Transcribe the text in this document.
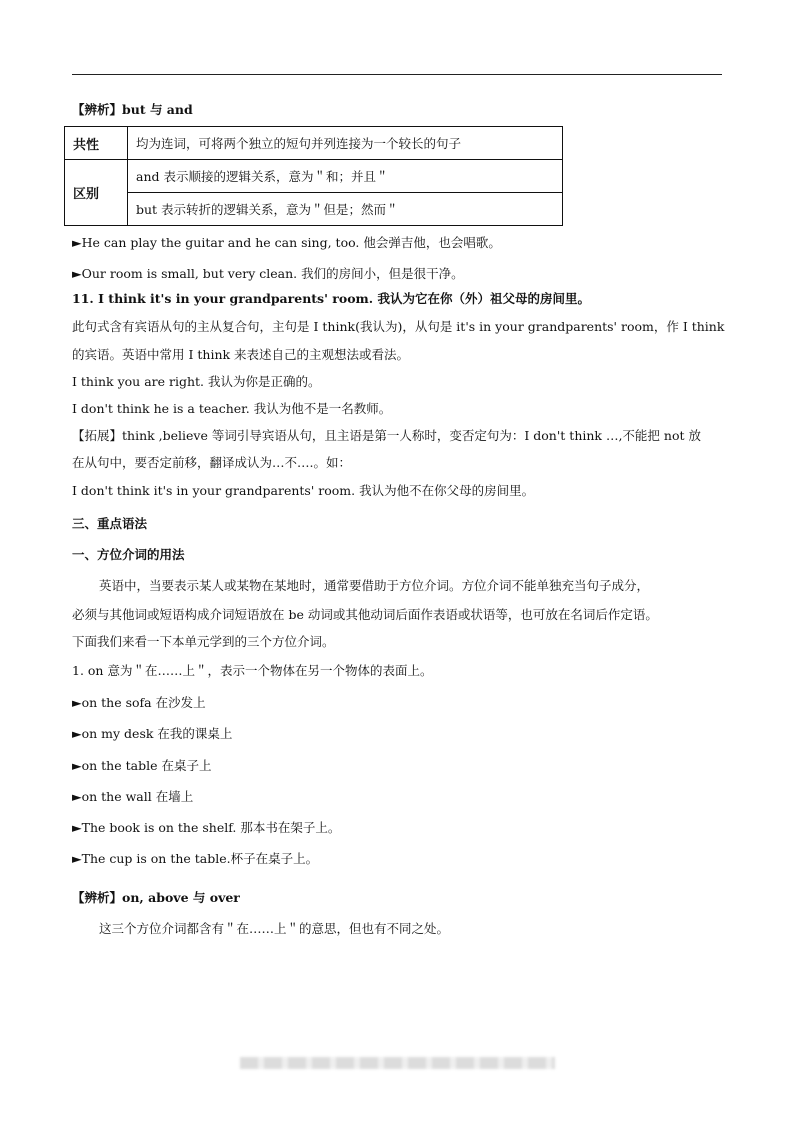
【辨析】but 与 and
共性	均为连词，可将两个独立的短句并列连接为一个较长的句子
区别	and 表示顺接的逻辑关系，意为＂和；并且＂
	but 表示转折的逻辑关系，意为＂但是；然而＂
►He can play the guitar and he can sing, too. 他会弹吉他，也会唱歌。
►Our room is small, but very clean. 我们的房间小，但是很干净。
11. I think it's in your grandparents' room. 我认为它在你（外）祖父母的房间里。
此句式含有宾语从句的主从复合句，主句是 I think(我认为)，从句是 it's in your grandparents' room，作 I think
的宾语。英语中常用 I think 来表述自己的主观想法或看法。
I think you are right. 我认为你是正确的。
I don't think he is a teacher. 我认为他不是一名教师。
【拓展】think ,believe 等词引导宾语从句，且主语是第一人称时，变否定句为：I don't think …,不能把 not 放
在从句中，要否定前移，翻译成认为…不….。如：
I don't think it's in your grandparents' room. 我认为他不在你父母的房间里。
三、重点语法
一、方位介词的用法
英语中，当要表示某人或某物在某地时，通常要借助于方位介词。方位介词不能单独充当句子成分，
必须与其他词或短语构成介词短语放在 be 动词或其他动词后面作表语或状语等，也可放在名词后作定语。
下面我们来看一下本单元学到的三个方位介词。
1. on 意为＂在……上＂，表示一个物体在另一个物体的表面上。
►on the sofa 在沙发上
►on my desk 在我的课桌上
►on the table 在桌子上
►on the wall 在墙上
►The book is on the shelf. 那本书在架子上。
►The cup is on the table.杯子在桌子上。
【辨析】on, above 与 over
这三个方位介词都含有＂在……上＂的意思，但也有不同之处。
